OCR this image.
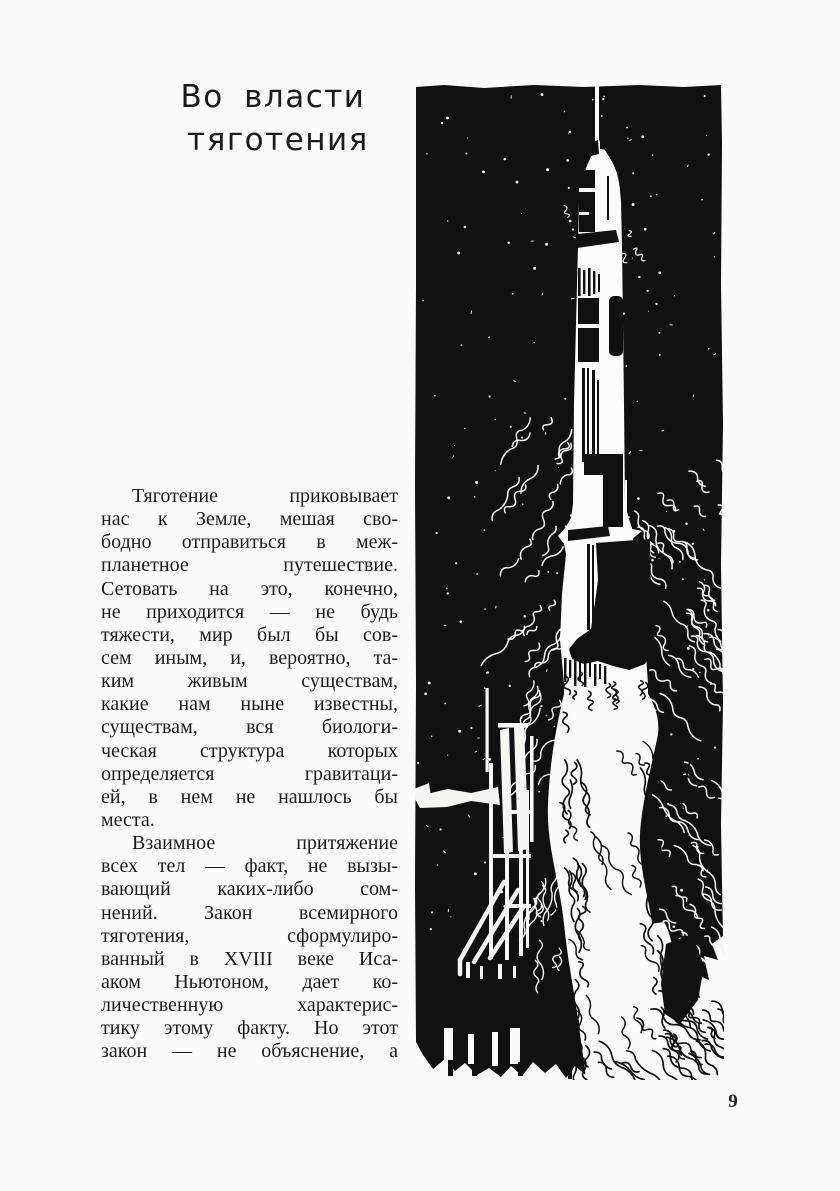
Во власти
тяготения
Тяготение приковывает
нас к Земле, мешая сво-
бодно отправиться в меж-
планетное путешествие.
Сетовать на это, конечно,
не приходится — не будь
тяжести, мир был бы сов-
сем иным, и, вероятно, та-
ким живым существам,
какие нам ныне известны,
существам, вся биологи-
ческая структура которых
определяется гравитаци-
ей, в нем не нашлось бы
места.
Взаимное притяжение
всех тел — факт, не вызы-
вающий каких-либо сом-
нений. Закон всемирного
тяготения, сформулиро-
ванный в XVIII веке Иса-
аком Ньютоном, дает ко-
личественную характерис-
тику этому факту. Но этот
закон — не объяснение, а
9
